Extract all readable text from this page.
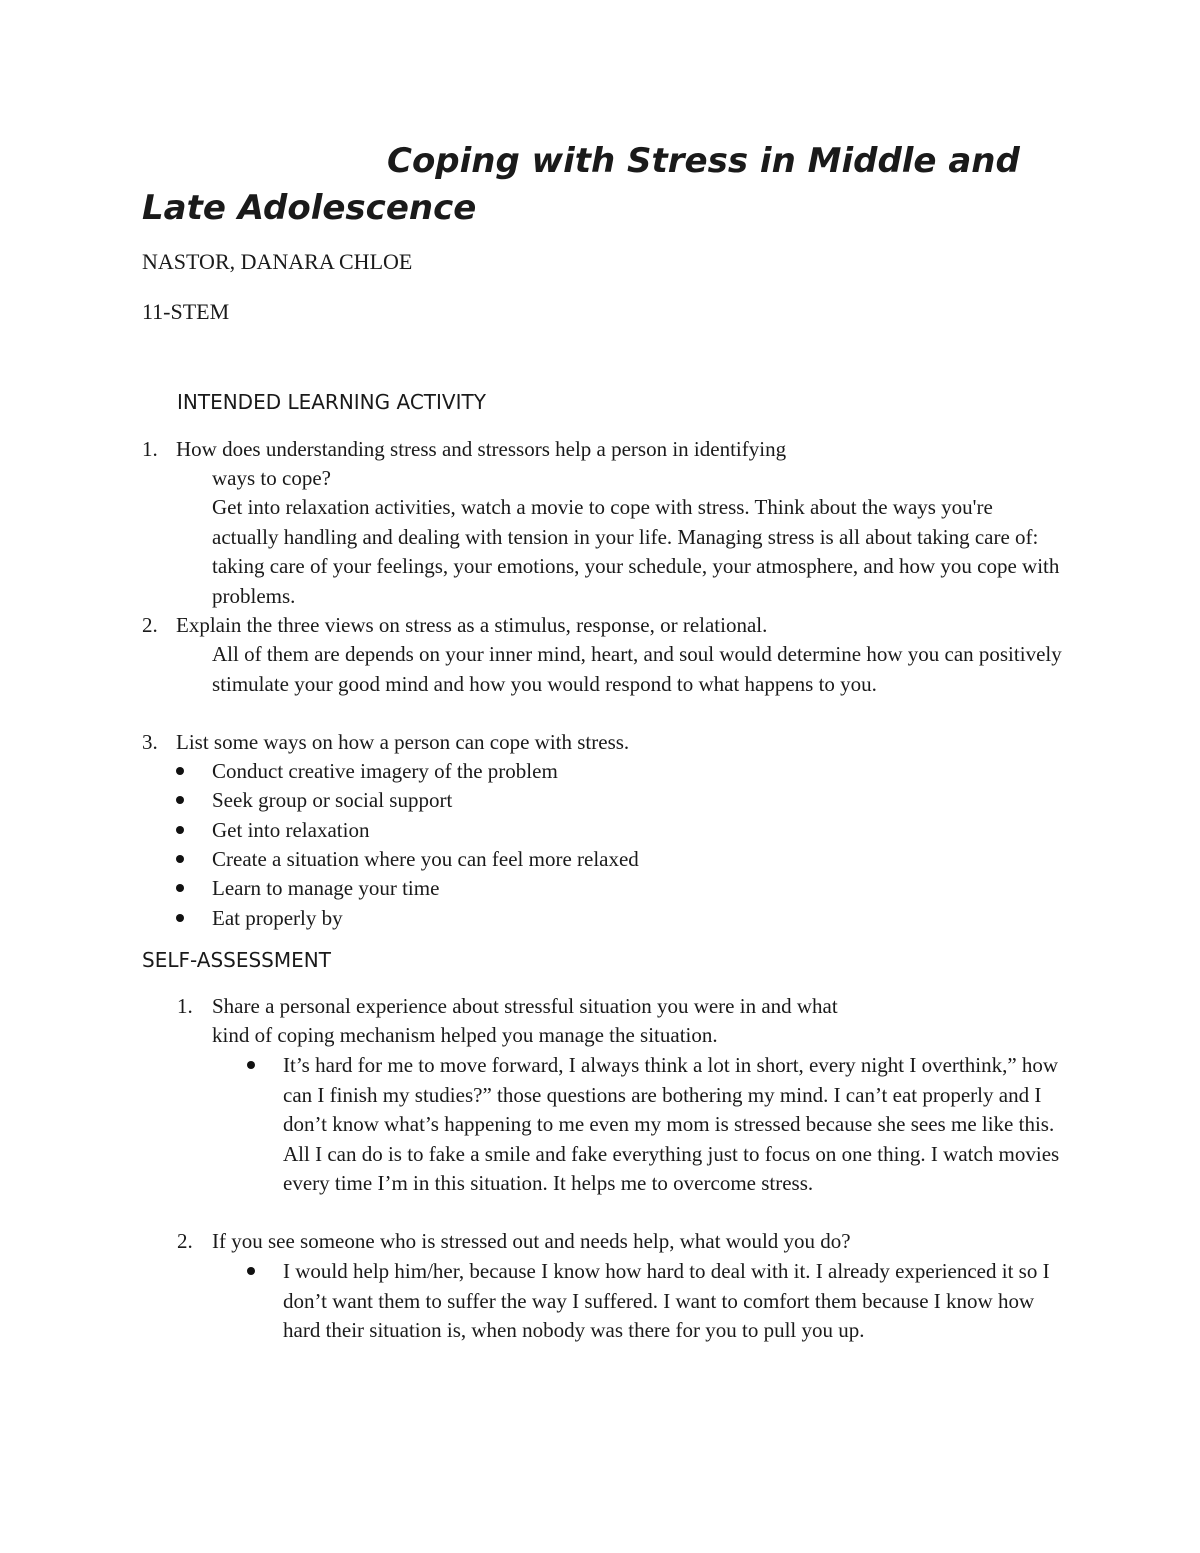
Coping with Stress in Middle and Late Adolescence

NASTOR, DANARA CHLOE

11-STEM

INTENDED LEARNING ACTIVITY
1. How does understanding stress and stressors help a person in identifying
ways to cope?
Get into relaxation activities, watch a movie to cope with stress. Think about the ways you're actually handling and dealing with tension in your life. Managing stress is all about taking care of: taking care of your feelings, your emotions, your schedule, your atmosphere, and how you cope with problems.
2. Explain the three views on stress as a stimulus, response, or relational.
All of them are depends on your inner mind, heart, and soul would determine how you can positively stimulate your good mind and how you would respond to what happens to you.
3. List some ways on how a person can cope with stress.
Conduct creative imagery of the problem
Seek group or social support
Get into relaxation
Create a situation where you can feel more relaxed
Learn to manage your time
Eat properly by
SELF-ASSESSMENT
1. Share a personal experience about stressful situation you were in and what
kind of coping mechanism helped you manage the situation.
It’s hard for me to move forward, I always think a lot in short, every night I overthink,” how can I finish my studies?” those questions are bothering my mind. I can’t eat properly and I don’t know what’s happening to me even my mom is stressed because she sees me like this. All I can do is to fake a smile and fake everything just to focus on one thing. I watch movies every time I’m in this situation. It helps me to overcome stress.
2. If you see someone who is stressed out and needs help, what would you do?
I would help him/her, because I know how hard to deal with it. I already experienced it so I don’t want them to suffer the way I suffered. I want to comfort them because I know how hard their situation is, when nobody was there for you to pull you up.
